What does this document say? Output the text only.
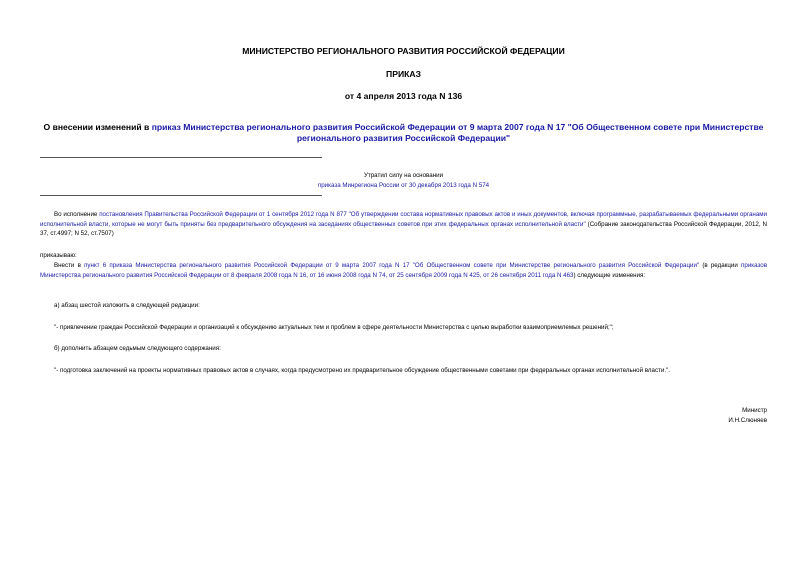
МИНИСТЕРСТВО РЕГИОНАЛЬНОГО РАЗВИТИЯ РОССИЙСКОЙ ФЕДЕРАЦИИ
ПРИКАЗ
от 4 апреля 2013 года N 136
О внесении изменений в приказ Министерства регионального развития Российской Федерации от 9 марта 2007 года N 17 "Об Общественном совете при Министерстве регионального развития Российской Федерации"
Утратил силу на основании
приказа Минрегиона России от 30 декабря 2013 года N 574
Во исполнение постановления Правительства Российской Федерации от 1 сентября 2012 года N 877 "Об утверждении состава нормативных правовых актов и иных документов, включая программные, разрабатываемых федеральными органами исполнительной власти, которые не могут быть приняты без предварительного обсуждения на заседаниях общественных советов при этих федеральных органах исполнительной власти" (Собрание законодательства Российской Федерации, 2012, N 37, ст.4997; N 52, ст.7507)
приказываю:
Внести в пункт 6 приказа Министерства регионального развития Российской Федерации от 9 марта 2007 года N 17 "Об Общественном совете при Министерстве регионального развития Российской Федерации" (в редакции приказов Министерства регионального развития Российской Федерации от 8 февраля 2008 года N 16, от 16 июня 2008 года N 74, от 25 сентября 2009 года N 425, от 26 сентября 2011 года N 463) следующие изменения:
а) абзац шестой изложить в следующей редакции:
"- привлечение граждан Российской Федерации и организаций к обсуждению актуальных тем и проблем в сфере деятельности Министерства с целью выработки взаимоприемлемых решений;";
б) дополнить абзацем седьмым следующего содержания:
"- подготовка заключений на проекты нормативных правовых актов в случаях, когда предусмотрено их предварительное обсуждение общественными советами при федеральных органах исполнительной власти.".
Министр
И.Н.Слюняев
